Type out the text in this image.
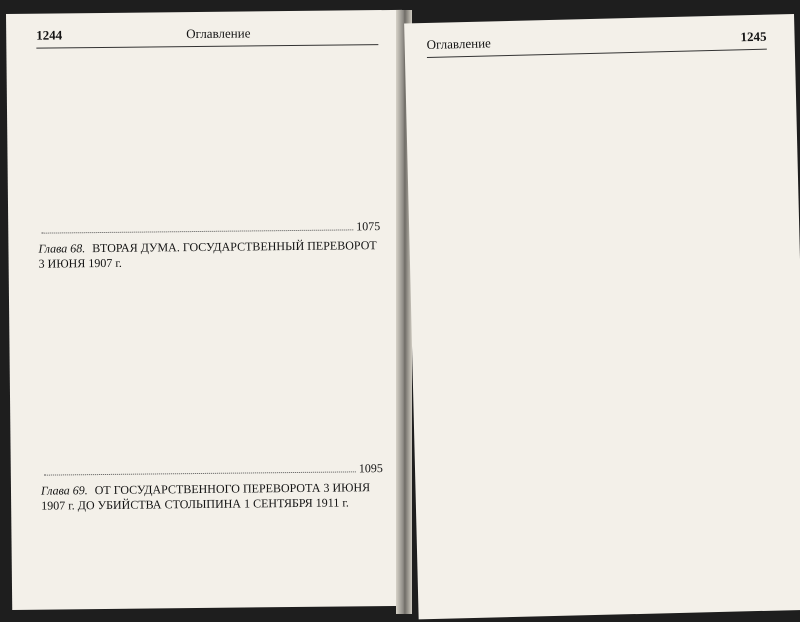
1244	Оглавление
1075
Глава 68. ВТОРАЯ ДУМА. ГОСУДАРСТВЕННЫЙ ПЕРЕВОРОТ 3 ИЮНЯ 1907 г.
1095
Глава 69. ОТ ГОСУДАРСТВЕННОГО ПЕРЕВОРОТА 3 ИЮНЯ 1907 г. ДО УБИЙСТВА СТОЛЫПИНА 1 СЕНТЯБРЯ 1911 г.
Оглавление	1245
